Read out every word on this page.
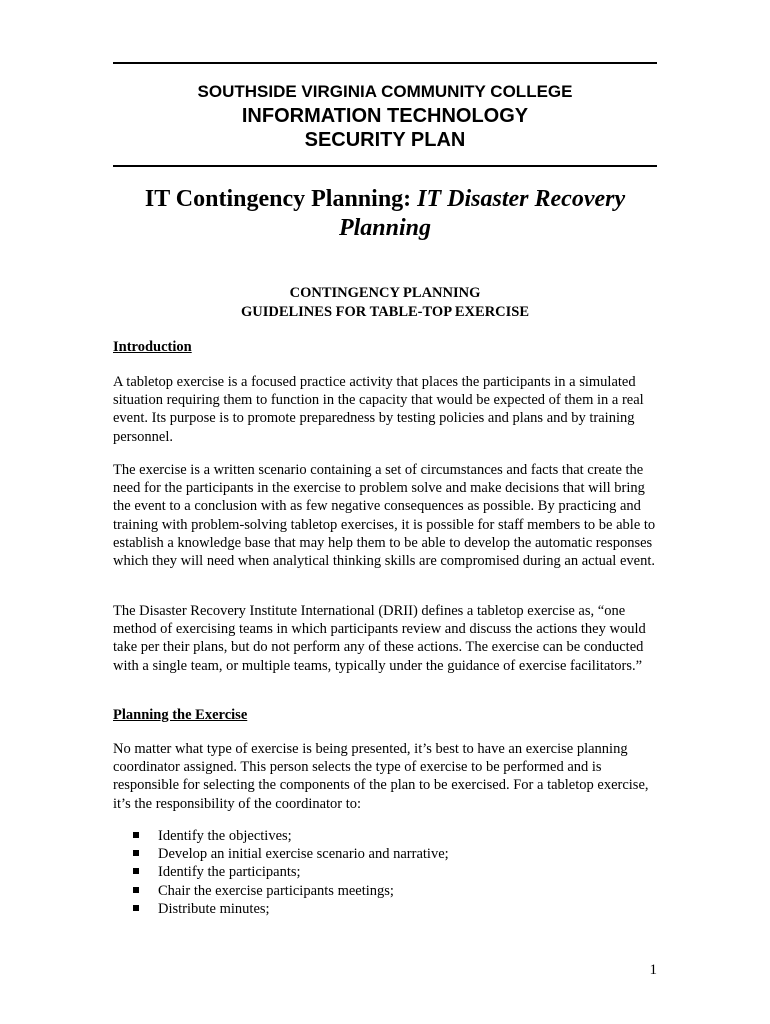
SOUTHSIDE VIRGINIA COMMUNITY COLLEGE
INFORMATION TECHNOLOGY
SECURITY PLAN
IT Contingency Planning: IT Disaster Recovery Planning
CONTINGENCY PLANNING
GUIDELINES FOR TABLE-TOP EXERCISE
Introduction

A tabletop exercise is a focused practice activity that places the participants in a simulated situation requiring them to function in the capacity that would be expected of them in a real event. Its purpose is to promote preparedness by testing policies and plans and by training personnel.

The exercise is a written scenario containing a set of circumstances and facts that create the need for the participants in the exercise to problem solve and make decisions that will bring the event to a conclusion with as few negative consequences as possible. By practicing and training with problem-solving tabletop exercises, it is possible for staff members to be able to establish a knowledge base that may help them to be able to develop the automatic responses which they will need when analytical thinking skills are compromised during an actual event.

The Disaster Recovery Institute International (DRII) defines a tabletop exercise as, “one method of exercising teams in which participants review and discuss the actions they would take per their plans, but do not perform any of these actions. The exercise can be conducted with a single team, or multiple teams, typically under the guidance of exercise facilitators.”

Planning the Exercise

No matter what type of exercise is being presented, it’s best to have an exercise planning coordinator assigned. This person selects the type of exercise to be performed and is responsible for selecting the components of the plan to be exercised. For a tabletop exercise, it’s the responsibility of the coordinator to:

Identify the objectives;
Develop an initial exercise scenario and narrative;
Identify the participants;
Chair the exercise participants meetings;
Distribute minutes;
1
